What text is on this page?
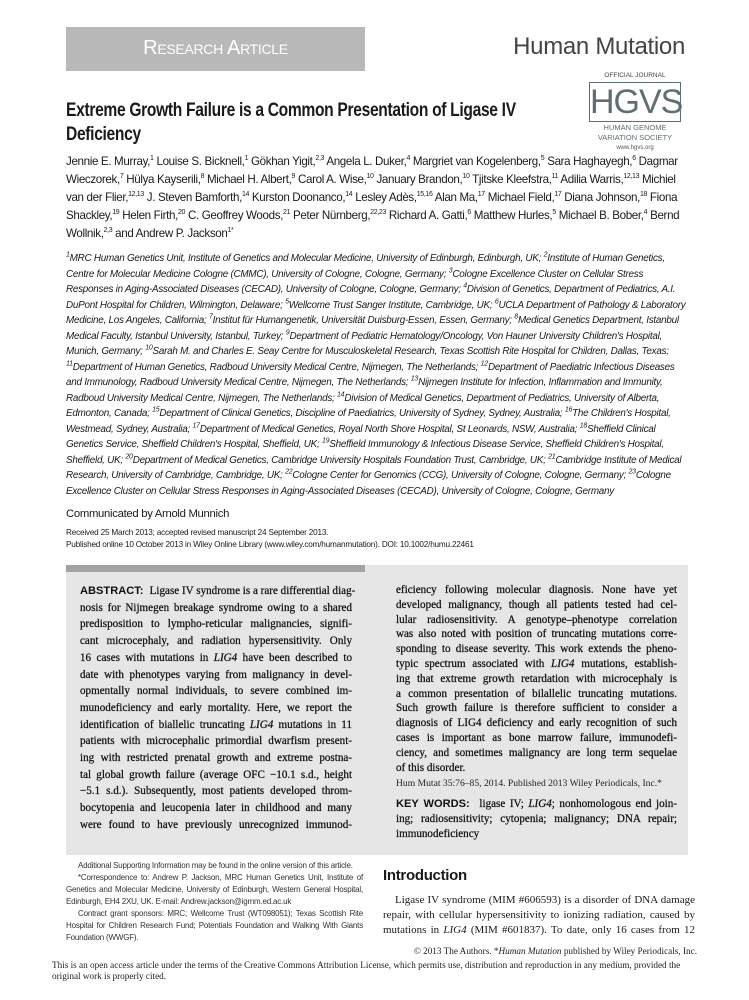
Research Article	Human Mutation
OFFICIAL JOURNAL
HGVS
HUMAN GENOME
VARIATION SOCIETY
www.hgvs.org
Extreme Growth Failure is a Common Presentation of Ligase IV Deficiency
Jennie E. Murray,$^1$ Louise S. Bicknell,$^1$ Gökhan Yigit,$^{2,3}$ Angela L. Duker,$^4$ Margriet van Kogelenberg,$^5$ Sara Haghayegh,$^6$ Dagmar Wieczorek,$^7$ Hülya Kayserili,$^8$ Michael H. Albert,$^9$ Carol A. Wise,$^{10}$ January Brandon,$^{10}$ Tjitske Kleefstra,$^{11}$ Adilia Warris,$^{12,13}$ Michiel van der Flier,$^{12,13}$ J. Steven Bamforth,$^{14}$ Kurston Doonanco,$^{14}$ Lesley Adès,$^{15,16}$ Alan Ma,$^{17}$ Michael Field,$^{17}$ Diana Johnson,$^{18}$ Fiona Shackley,$^{19}$ Helen Firth,$^{20}$ C. Geoffrey Woods,$^{21}$ Peter Nürnberg,$^{22,23}$ Richard A. Gatti,$^6$ Matthew Hurles,$^5$ Michael B. Bober,$^4$ Bernd Wollnik,$^{2,3}$ and Andrew P. Jackson$^{1*}$
$^1$MRC Human Genetics Unit, Institute of Genetics and Molecular Medicine, University of Edinburgh, Edinburgh, UK; $^2$Institute of Human Genetics, Centre for Molecular Medicine Cologne (CMMC), University of Cologne, Cologne, Germany; $^3$Cologne Excellence Cluster on Cellular Stress Responses in Aging-Associated Diseases (CECAD), University of Cologne, Cologne, Germany; $^4$Division of Genetics, Department of Pediatrics, A.I. DuPont Hospital for Children, Wilmington, Delaware; $^5$Wellcome Trust Sanger Institute, Cambridge, UK; $^6$UCLA Department of Pathology & Laboratory Medicine, Los Angeles, California; $^7$Institut für Humangenetik, Universität Duisburg-Essen, Essen, Germany; $^8$Medical Genetics Department, Istanbul Medical Faculty, Istanbul University, Istanbul, Turkey; $^9$Department of Pediatric Hematology/Oncology, Von Hauner University Children's Hospital, Munich, Germany; $^{10}$Sarah M. and Charles E. Seay Centre for Musculoskeletal Research, Texas Scottish Rite Hospital for Children, Dallas, Texas; $^{11}$Department of Human Genetics, Radboud University Medical Centre, Nijmegen, The Netherlands; $^{12}$Department of Paediatric Infectious Diseases and Immunology, Radboud University Medical Centre, Nijmegen, The Netherlands; $^{13}$Nijmegen Institute for Infection, Inflammation and Immunity, Radboud University Medical Centre, Nijmegen, The Netherlands; $^{14}$Division of Medical Genetics, Department of Pediatrics, University of Alberta, Edmonton, Canada; $^{15}$Department of Clinical Genetics, Discipline of Paediatrics, University of Sydney, Sydney, Australia; $^{16}$The Children's Hospital, Westmead, Sydney, Australia; $^{17}$Department of Medical Genetics, Royal North Shore Hospital, St Leonards, NSW, Australia; $^{18}$Sheffield Clinical Genetics Service, Sheffield Children's Hospital, Sheffield, UK; $^{19}$Sheffield Immunology & Infectious Disease Service, Sheffield Children's Hospital, Sheffield, UK; $^{20}$Department of Medical Genetics, Cambridge University Hospitals Foundation Trust, Cambridge, UK; $^{21}$Cambridge Institute of Medical Research, University of Cambridge, Cambridge, UK; $^{22}$Cologne Center for Genomics (CCG), University of Cologne, Cologne, Germany; $^{23}$Cologne Excellence Cluster on Cellular Stress Responses in Aging-Associated Diseases (CECAD), University of Cologne, Cologne, Germany
Communicated by Arnold Munnich
Received 25 March 2013; accepted revised manuscript 24 September 2013.
Published online 10 October 2013 in Wiley Online Library (www.wiley.com/humanmutation). DOI: 10.1002/humu.22461
ABSTRACT:  Ligase IV syndrome is a rare differential diag-
nosis for Nijmegen breakage syndrome owing to a shared
predisposition to lympho-reticular malignancies, signifi-
cant microcephaly, and radiation hypersensitivity. Only
16 cases with mutations in LIG4 have been described to
date with phenotypes varying from malignancy in devel-
opmentally normal individuals, to severe combined im-
munodeficiency and early mortality. Here, we report the
identification of biallelic truncating LIG4 mutations in 11
patients with microcephalic primordial dwarfism present-
ing with restricted prenatal growth and extreme postna-
tal global growth failure (average OFC −10.1 s.d., height
−5.1 s.d.). Subsequently, most patients developed throm-
bocytopenia and leucopenia later in childhood and many
were found to have previously unrecognized immunod-
eficiency following molecular diagnosis. None have yet
developed malignancy, though all patients tested had cel-
lular radiosensitivity. A genotype–phenotype correlation
was also noted with position of truncating mutations corre-
sponding to disease severity. This work extends the pheno-
typic spectrum associated with LIG4 mutations, establish-
ing that extreme growth retardation with microcephaly is
a common presentation of bilallelic truncating mutations.
Such growth failure is therefore sufficient to consider a
diagnosis of LIG4 deficiency and early recognition of such
cases is important as bone marrow failure, immunodefi-
ciency, and sometimes malignancy are long term sequelae
of this disorder.
Hum Mutat 35:76–85, 2014. Published 2013 Wiley Periodicals, Inc.*
KEY WORDS:  ligase IV; LIG4; nonhomologous end join-
ing; radiosensitivity; cytopenia; malignancy; DNA repair;
immunodeficiency

Additional Supporting Information may be found in the online version of this article.

*Correspondence to: Andrew P. Jackson, MRC Human Genetics Unit, Institute of Genetics and Molecular Medicine, University of Edinburgh, Western General Hospital, Edinburgh, EH4 2XU, UK. E-mail: Andrew.jackson@igmm.ed.ac.uk

Contract grant sponsors: MRC; Wellcome Trust (WT098051); Texas Scottish Rite Hospital for Children Research Fund; Potentials Foundation and Walking With Giants Foundation (WWGF).

Introduction
Ligase IV syndrome (MIM #606593) is a disorder of DNA damage
repair, with cellular hypersensitivity to ionizing radiation, caused by
mutations in LIG4 (MIM #601837). To date, only 16 cases from 12
© 2013 The Authors. *Human Mutation published by Wiley Periodicals, Inc.
This is an open access article under the terms of the Creative Commons Attribution License, which permits use, distribution and reproduction in any medium, provided the original work is properly cited.
